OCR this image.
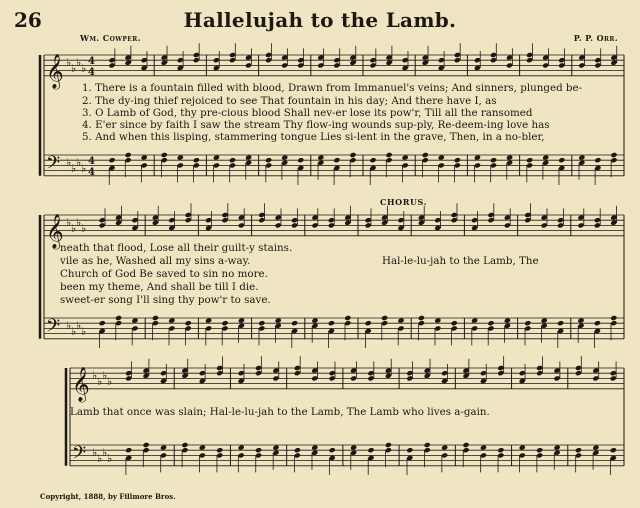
26	Hallelujah to the Lamb.
Wm. Cowper.	P. P. Orr.
𝄞 ♭ ♭ ♭ ♭
𝄢 ♭ ♭ ♭ ♭
4
4
4
4
𝄞 ♭ ♭ ♭ ♭
𝄢 ♭ ♭ ♭ ♭
𝄞 ♭ ♭ ♭ ♭
𝄢 ♭ ♭ ♭ ♭
1. There is a fountain filled with blood, Drawn from Immanuel's veins; And sinners, plunged be-
2. The dy-ing thief rejoiced to see That fountain in his day; And there have I, as
3. O Lamb of God, thy pre-cious blood Shall nev-er lose its pow'r, Till all the ransomed
4. E'er since by faith I saw the stream Thy flow-ing wounds sup-ply, Re-deem-ing love has
5. And when this lisping, stammering tongue Lies si-lent in the grave, Then, in a no-bler,
CHORUS.
neath that flood, Lose all their guilt-y stains.
vile as he, Washed all my sins a-way.
Church of God Be saved to sin no more.
been my theme, And shall be till I die.
sweet-er song I'll sing thy pow'r to save.
Hal-le-lu-jah to the Lamb, The
Lamb that once was slain; Hal-le-lu-jah to the Lamb, The Lamb who lives a-gain.
Copyright, 1888, by Fillmore Bros.
